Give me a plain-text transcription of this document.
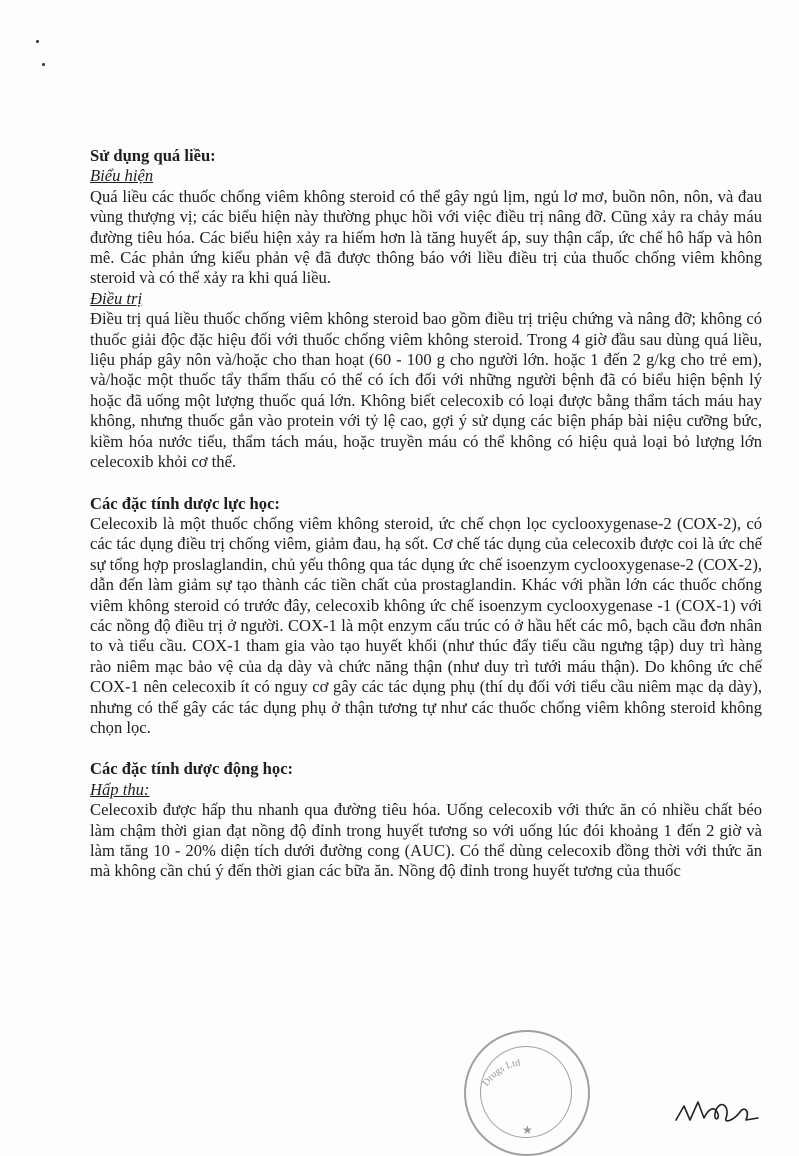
Sử dụng quá liều:

Biểu hiện

Quá liều các thuốc chống viêm không steroid có thể gây ngủ lịm, ngủ lơ mơ, buồn nôn, nôn, và đau vùng thượng vị; các biểu hiện này thường phục hồi với việc điều trị nâng đỡ. Cũng xảy ra chảy máu đường tiêu hóa. Các biểu hiện xảy ra hiếm hơn là tăng huyết áp, suy thận cấp, ức chế hô hấp và hôn mê. Các phản ứng kiểu phản vệ đã được thông báo với liều điều trị của thuốc chống viêm không steroid và có thể xảy ra khi quá liều.

Điều trị

Điều trị quá liều thuốc chống viêm không steroid bao gồm điều trị triệu chứng và nâng đỡ; không có thuốc giải độc đặc hiệu đối với thuốc chống viêm không steroid. Trong 4 giờ đầu sau dùng quá liều, liệu pháp gây nôn và/hoặc cho than hoạt (60 - 100 g cho người lớn. hoặc 1 đến 2 g/kg cho trẻ em), và/hoặc một thuốc tẩy thẩm thấu có thể có ích đối với những người bệnh đã có biểu hiện bệnh lý hoặc đã uống một lượng thuốc quá lớn. Không biết celecoxib có loại được bằng thẩm tách máu hay không, nhưng thuốc gắn vào protein với tỷ lệ cao, gợi ý sử dụng các biện pháp bài niệu cưỡng bức, kiềm hóa nước tiểu, thẩm tách máu, hoặc truyền máu có thể không có hiệu quả loại bỏ lượng lớn celecoxib khỏi cơ thể.

Các đặc tính dược lực học:

Celecoxib là một thuốc chống viêm không steroid, ức chế chọn lọc cyclooxygenase-2 (COX-2), có các tác dụng điều trị chống viêm, giảm đau, hạ sốt. Cơ chế tác dụng của celecoxib được coi là ức chế sự tổng hợp proslaglandin, chủ yếu thông qua tác dụng ức chế isoenzym cyclooxygenase-2 (COX-2), dẫn đến làm giảm sự tạo thành các tiền chất của prostaglandin. Khác với phần lớn các thuốc chống viêm không steroid có trước đây, celecoxib không ức chế isoenzym cyclooxygenase -1 (COX-1) với các nồng độ điều trị ở người. COX-1 là một enzym cấu trúc có ở hầu hết các mô, bạch cầu đơn nhân to và tiểu cầu. COX-1 tham gia vào tạo huyết khối (như thúc đẩy tiểu cầu ngưng tập) duy trì hàng rào niêm mạc bảo vệ của dạ dày và chức năng thận (như duy trì tưới máu thận). Do không ức chế COX-1 nên celecoxib ít có nguy cơ gây các tác dụng phụ (thí dụ đối với tiểu cầu niêm mạc dạ dày), nhưng có thể gây các tác dụng phụ ở thận tương tự như các thuốc chống viêm không steroid không chọn lọc.

Các đặc tính dược động học:

Hấp thu:

Celecoxib được hấp thu nhanh qua đường tiêu hóa. Uống celecoxib với thức ăn có nhiều chất béo làm chậm thời gian đạt nồng độ đỉnh trong huyết tương so với uống lúc đói khoảng 1 đến 2 giờ và làm tăng 10 - 20% diện tích dưới đường cong (AUC). Có thể dùng celecoxib đồng thời với thức ăn mà không cần chú ý đến thời gian các bữa ăn. Nồng độ đỉnh trong huyết tương của thuốc

Drugs Ltd
★
